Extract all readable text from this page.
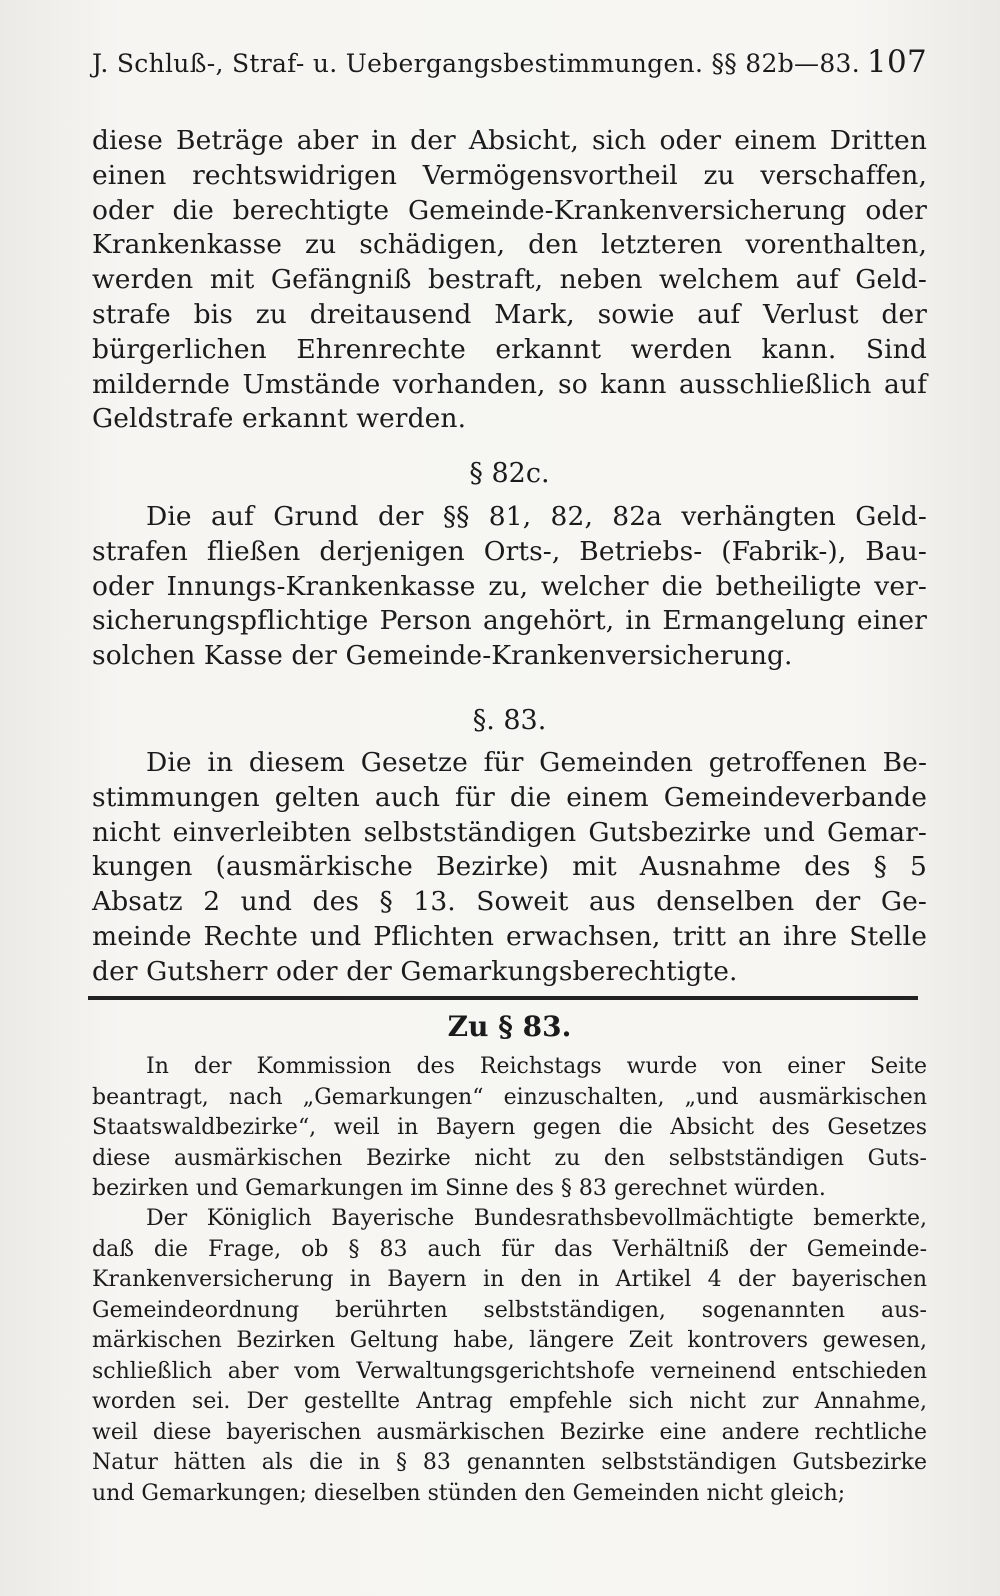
J. Schluß-, Straf- u. Uebergangsbestimmungen. §§ 82b—83. 107
diese Beträge aber in der Absicht, sich oder einem Dritten
einen rechtswidrigen Vermögensvortheil zu verschaffen,
oder die berechtigte Gemeinde-Krankenversicherung oder
Krankenkasse zu schädigen, den letzteren vorenthalten,
werden mit Gefängniß bestraft, neben welchem auf Geld-
strafe bis zu dreitausend Mark, sowie auf Verlust der
bürgerlichen Ehrenrechte erkannt werden kann. Sind
mildernde Umstände vorhanden, so kann ausschließlich auf
Geldstrafe erkannt werden.
§ 82c.
Die auf Grund der §§ 81, 82, 82a verhängten Geld-
strafen fließen derjenigen Orts-, Betriebs- (Fabrik-), Bau-
oder Innungs-Krankenkasse zu, welcher die betheiligte ver-
sicherungspflichtige Person angehört, in Ermangelung einer
solchen Kasse der Gemeinde-Krankenversicherung.
§. 83.
Die in diesem Gesetze für Gemeinden getroffenen Be-
stimmungen gelten auch für die einem Gemeindeverbande
nicht einverleibten selbstständigen Gutsbezirke und Gemar-
kungen (ausmärkische Bezirke) mit Ausnahme des § 5
Absatz 2 und des § 13. Soweit aus denselben der Ge-
meinde Rechte und Pflichten erwachsen, tritt an ihre Stelle
der Gutsherr oder der Gemarkungsberechtigte.
Zu § 83.
In der Kommission des Reichstags wurde von einer Seite
beantragt, nach „Gemarkungen“ einzuschalten, „und ausmärkischen
Staatswaldbezirke“, weil in Bayern gegen die Absicht des Gesetzes
diese ausmärkischen Bezirke nicht zu den selbstständigen Guts-
bezirken und Gemarkungen im Sinne des § 83 gerechnet würden.
Der Königlich Bayerische Bundesrathsbevollmächtigte bemerkte,
daß die Frage, ob § 83 auch für das Verhältniß der Gemeinde-
Krankenversicherung in Bayern in den in Artikel 4 der bayerischen
Gemeindeordnung berührten selbstständigen, sogenannten aus-
märkischen Bezirken Geltung habe, längere Zeit kontrovers gewesen,
schließlich aber vom Verwaltungsgerichtshofe verneinend entschieden
worden sei. Der gestellte Antrag empfehle sich nicht zur Annahme,
weil diese bayerischen ausmärkischen Bezirke eine andere rechtliche
Natur hätten als die in § 83 genannten selbstständigen Gutsbezirke
und Gemarkungen; dieselben stünden den Gemeinden nicht gleich;
